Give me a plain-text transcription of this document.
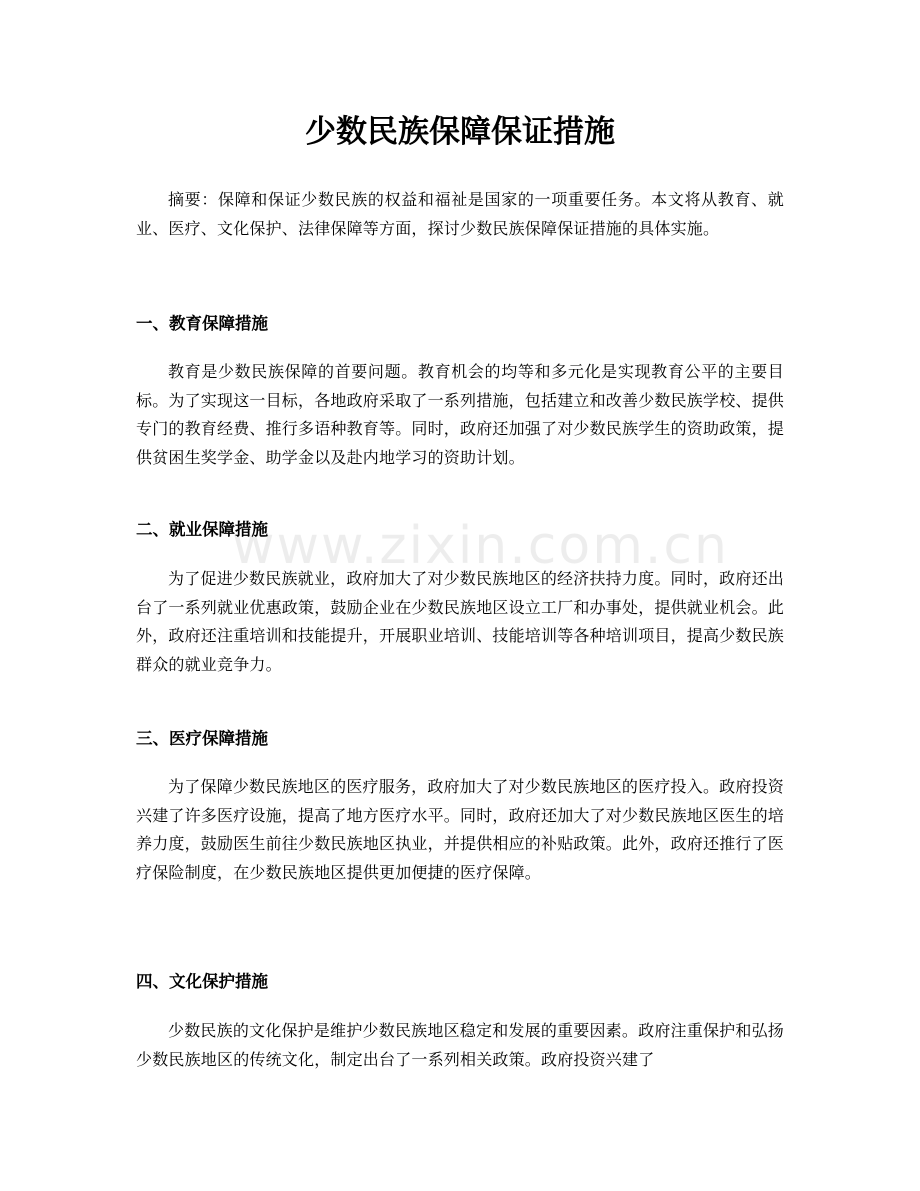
少数民族保障保证措施

摘要：保障和保证少数民族的权益和福祉是国家的一项重要任务。本文将从教育、就业、医疗、文化保护、法律保障等方面，探讨少数民族保障保证措施的具体实施。

一、教育保障措施

教育是少数民族保障的首要问题。教育机会的均等和多元化是实现教育公平的主要目标。为了实现这一目标，各地政府采取了一系列措施，包括建立和改善少数民族学校、提供专门的教育经费、推行多语种教育等。同时，政府还加强了对少数民族学生的资助政策，提供贫困生奖学金、助学金以及赴内地学习的资助计划。

二、就业保障措施

为了促进少数民族就业，政府加大了对少数民族地区的经济扶持力度。同时，政府还出台了一系列就业优惠政策，鼓励企业在少数民族地区设立工厂和办事处，提供就业机会。此外，政府还注重培训和技能提升，开展职业培训、技能培训等各种培训项目，提高少数民族群众的就业竞争力。

三、医疗保障措施

为了保障少数民族地区的医疗服务，政府加大了对少数民族地区的医疗投入。政府投资兴建了许多医疗设施，提高了地方医疗水平。同时，政府还加大了对少数民族地区医生的培养力度，鼓励医生前往少数民族地区执业，并提供相应的补贴政策。此外，政府还推行了医疗保险制度，在少数民族地区提供更加便捷的医疗保障。

四、文化保护措施

少数民族的文化保护是维护少数民族地区稳定和发展的重要因素。政府注重保护和弘扬少数民族地区的传统文化，制定出台了一系列相关政策。政府投资兴建了

www.zixin.com.cn
